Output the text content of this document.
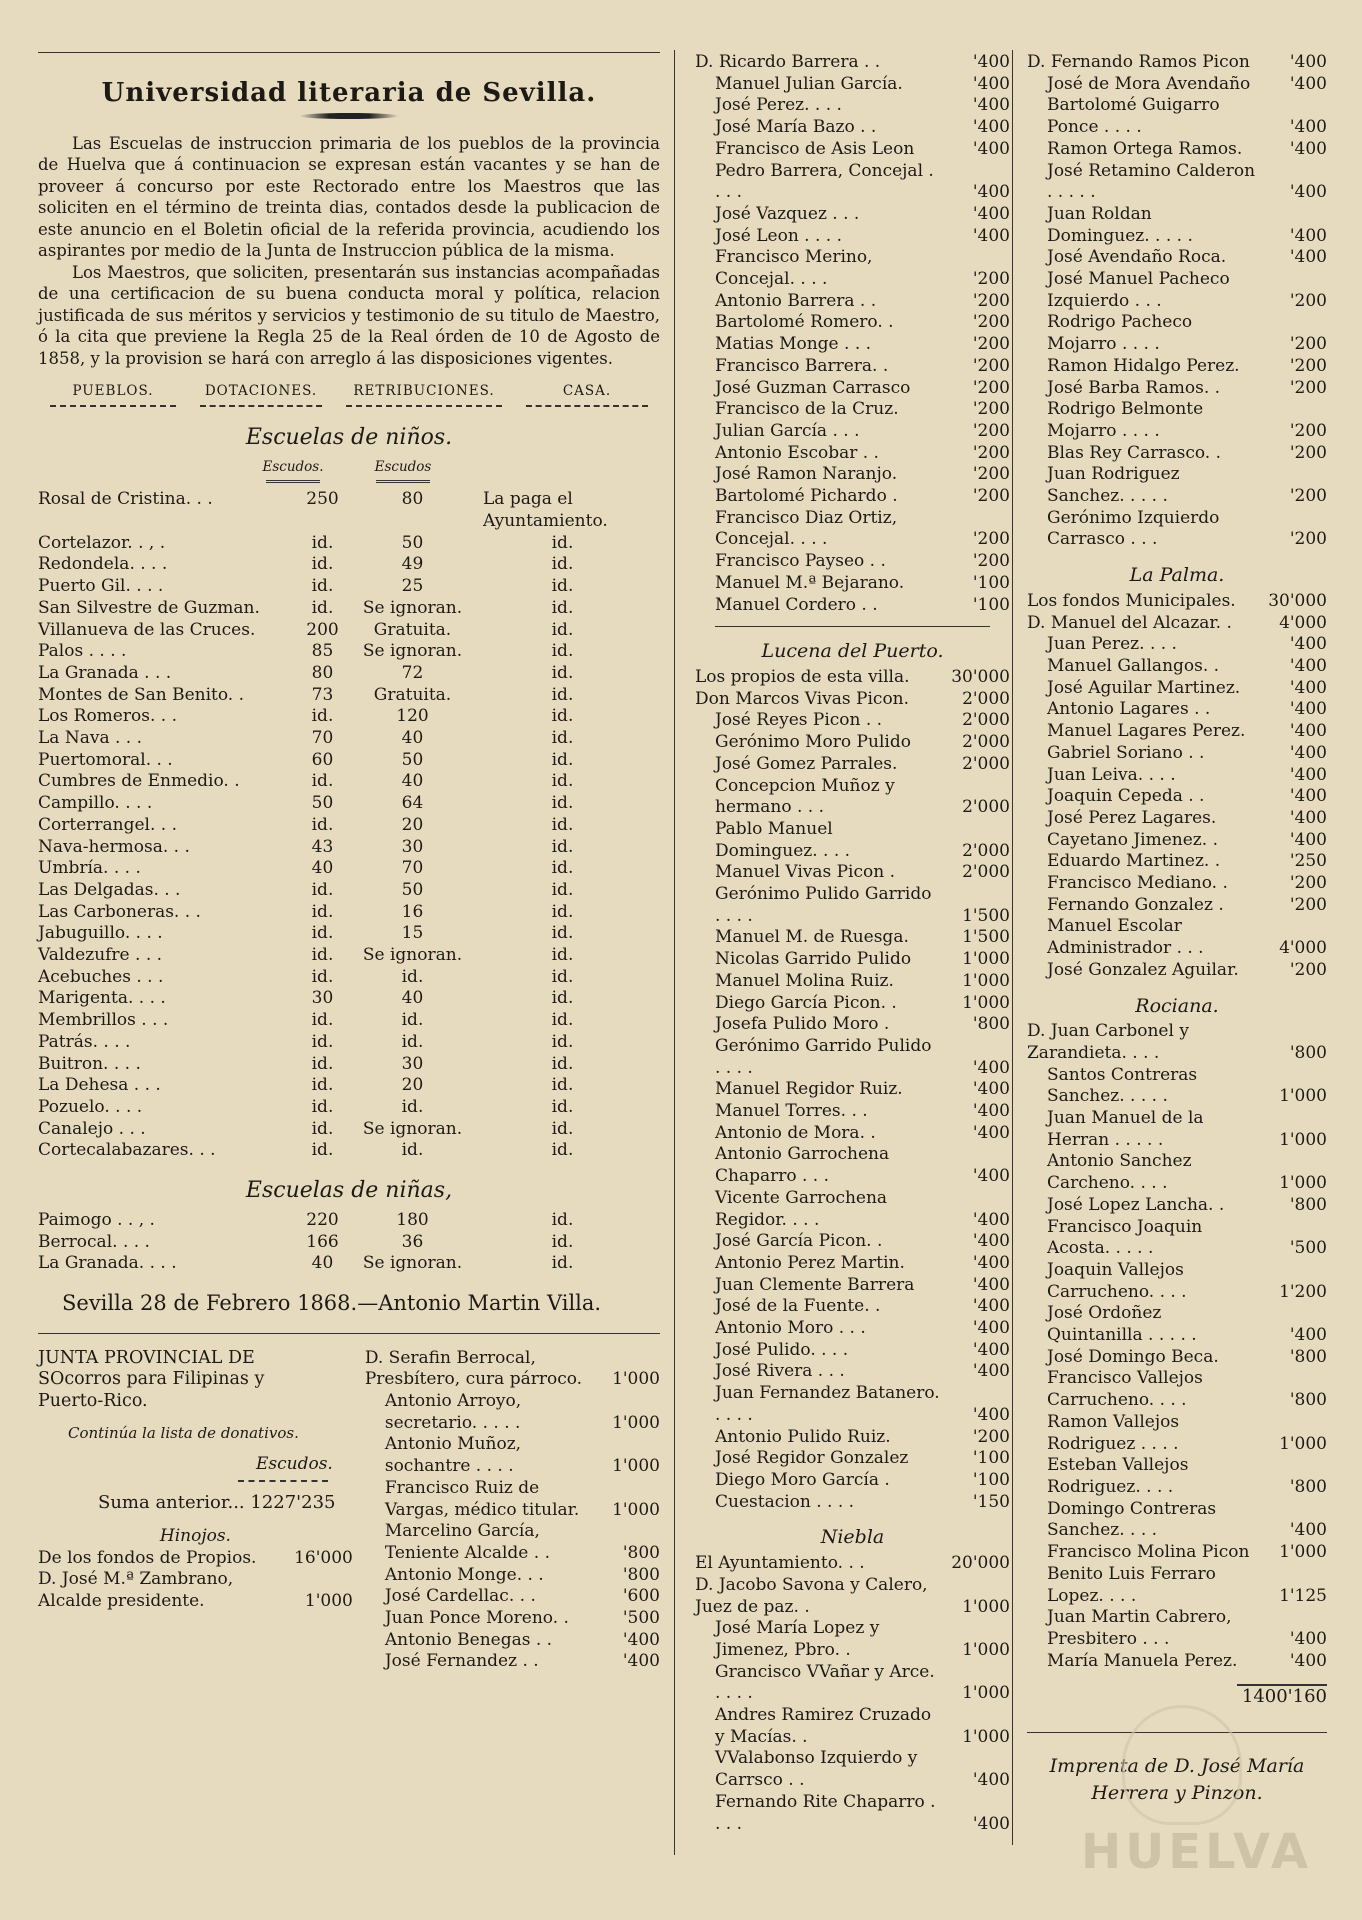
Universidad literaria de Sevilla.

Las Escuelas de instruccion primaria de los pueblos de la provincia de Huelva que á continuacion se expresan están vacantes y se han de proveer á concurso por este Rectorado entre los Maestros que las soliciten en el término de treinta dias, contados desde la publicacion de este anuncio en el Boletin oficial de la referida provincia, acudiendo los aspirantes por medio de la Junta de Instruccion pública de la misma.

Los Maestros, que soliciten, presentarán sus instancias acompañadas de una certificacion de su buena conducta moral y política, relacion justificada de sus méritos y servicios y testimonio de su titulo de Maestro, ó la cita que previene la Regla 25 de la Real órden de 10 de Agosto de 1858, y la provision se hará con arreglo á las disposiciones vigentes.

PUEBLOS.	DOTACIONES.	RETRIBUCIONES.	CASA.
Escuelas de niños.
Escudos.	Escudos
Rosal de Cristina. . .	250	80	La paga el Ayuntamiento.
Cortelazor. . , .	id.	50	id.
Redondela. . . .	id.	49	id.
Puerto Gil. . . .	id.	25	id.
San Silvestre de Guzman.	id.	Se ignoran.	id.
Villanueva de las Cruces.	200	Gratuita.	id.
Palos . . . .	85	Se ignoran.	id.
La Granada . . .	80	72	id.
Montes de San Benito. .	73	Gratuita.	id.
Los Romeros. . .	id.	120	id.
La Nava . . .	70	40	id.
Puertomoral. . .	60	50	id.
Cumbres de Enmedio. .	id.	40	id.
Campillo. . . .	50	64	id.
Corterrangel. . .	id.	20	id.
Nava-hermosa. . .	43	30	id.
Umbría. . . .	40	70	id.
Las Delgadas. . .	id.	50	id.
Las Carboneras. . .	id.	16	id.
Jabuguillo. . . .	id.	15	id.
Valdezufre . . .	id.	Se ignoran.	id.
Acebuches . . .	id.	id.	id.
Marigenta. . . .	30	40	id.
Membrillos . . .	id.	id.	id.
Patrás. . . .	id.	id.	id.
Buitron. . . .	id.	30	id.
La Dehesa . . .	id.	20	id.
Pozuelo. . . .	id.	id.	id.
Canalejo . . .	id.	Se ignoran.	id.
Cortecalabazares. . .	id.	id.	id.
Escuelas de niñas,
Paimogo . . , .	220	180	id.
Berrocal. . . .	166	36	id.
La Granada. . . .	40	Se ignoran.	id.
Sevilla 28 de Febrero 1868.—Antonio Martin Villa.
JUNTA PROVINCIAL DE SOcorros para Filipinas y Puerto-Rico.
Continúa la lista de donativos.
Escudos.
Suma anterior... 1227'235
Hinojos.
De los fondos de Propios.	16'000
D. José M.ª Zambrano, Alcalde presidente.	1'000
D. Serafin Berrocal, Presbítero, cura párroco.	1'000
Antonio Arroyo, secretario. . . . .	1'000
Antonio Muñoz, sochantre . . . .	1'000
Francisco Ruiz de Vargas, médico titular.	1'000
Marcelino García, Teniente Alcalde . .	'800
Antonio Monge. . .	'800
José Cardellac. . .	'600
Juan Ponce Moreno. .	'500
Antonio Benegas . .	'400
José Fernandez . .	'400
D. Ricardo Barrera . .	'400
Manuel Julian García.	'400
José Perez. . . .	'400
José María Bazo . .	'400
Francisco de Asis Leon	'400
Pedro Barrera, Concejal . . . .	'400
José Vazquez . . .	'400
José Leon . . . .	'400
Francisco Merino, Concejal. . . .	'200
Antonio Barrera . .	'200
Bartolomé Romero. .	'200
Matias Monge . . .	'200
Francisco Barrera. .	'200
José Guzman Carrasco	'200
Francisco de la Cruz.	'200
Julian García . . .	'200
Antonio Escobar . .	'200
José Ramon Naranjo.	'200
Bartolomé Pichardo .	'200
Francisco Diaz Ortiz, Concejal. . . .	'200
Francisco Payseo . .	'200
Manuel M.ª Bejarano.	'100
Manuel Cordero . .	'100
Lucena del Puerto.
Los propios de esta villa.	30'000
Don Marcos Vivas Picon.	2'000
José Reyes Picon . .	2'000
Gerónimo Moro Pulido	2'000
José Gomez Parrales.	2'000
Concepcion Muñoz y hermano . . .	2'000
Pablo Manuel Dominguez. . . .	2'000
Manuel Vivas Picon .	2'000
Gerónimo Pulido Garrido . . . .	1'500
Manuel M. de Ruesga.	1'500
Nicolas Garrido Pulido	1'000
Manuel Molina Ruiz.	1'000
Diego García Picon. .	1'000
Josefa Pulido Moro .	'800
Gerónimo Garrido Pulido . . . .	'400
Manuel Regidor Ruiz.	'400
Manuel Torres. . .	'400
Antonio de Mora. .	'400
Antonio Garrochena Chaparro . . .	'400
Vicente Garrochena Regidor. . . .	'400
José García Picon. .	'400
Antonio Perez Martin.	'400
Juan Clemente Barrera	'400
José de la Fuente. .	'400
Antonio Moro . . .	'400
José Pulido. . . .	'400
José Rivera . . .	'400
Juan Fernandez Batanero. . . . .	'400
Antonio Pulido Ruiz.	'200
José Regidor Gonzalez	'100
Diego Moro García .	'100
Cuestacion . . . .	'150
Niebla
El Ayuntamiento. . .	20'000
D. Jacobo Savona y Calero, Juez de paz. .	1'000
José María Lopez y Jimenez, Pbro. .	1'000
Grancisco VVañar y Arce. . . . .	1'000
Andres Ramirez Cruzado y Macías. .	1'000
VValabonso Izquierdo y Carrsco . .	'400
Fernando Rite Chaparro . . . .	'400
D. Fernando Ramos Picon	'400
José de Mora Avendaño	'400
Bartolomé Guigarro Ponce . . . .	'400
Ramon Ortega Ramos.	'400
José Retamino Calderon . . . . .	'400
Juan Roldan Dominguez. . . . .	'400
José Avendaño Roca.	'400
José Manuel Pacheco Izquierdo . . .	'200
Rodrigo Pacheco Mojarro . . . .	'200
Ramon Hidalgo Perez.	'200
José Barba Ramos. .	'200
Rodrigo Belmonte Mojarro . . . .	'200
Blas Rey Carrasco. .	'200
Juan Rodriguez Sanchez. . . . .	'200
Gerónimo Izquierdo Carrasco . . .	'200
La Palma.
Los fondos Municipales.	30'000
D. Manuel del Alcazar. .	4'000
Juan Perez. . . .	'400
Manuel Gallangos. .	'400
José Aguilar Martinez.	'400
Antonio Lagares . .	'400
Manuel Lagares Perez.	'400
Gabriel Soriano . .	'400
Juan Leiva. . . .	'400
Joaquin Cepeda . .	'400
José Perez Lagares.	'400
Cayetano Jimenez. .	'400
Eduardo Martinez. .	'250
Francisco Mediano. .	'200
Fernando Gonzalez .	'200
Manuel Escolar Administrador . . .	4'000
José Gonzalez Aguilar.	'200
Rociana.
D. Juan Carbonel y Zarandieta. . . .	'800
Santos Contreras Sanchez. . . . .	1'000
Juan Manuel de la Herran . . . . .	1'000
Antonio Sanchez Carcheno. . . .	1'000
José Lopez Lancha. .	'800
Francisco Joaquin Acosta. . . . .	'500
Joaquin Vallejos Carrucheno. . . .	1'200
José Ordoñez Quintanilla . . . . .	'400
José Domingo Beca.	'800
Francisco Vallejos Carrucheno. . . .	'800
Ramon Vallejos Rodriguez . . . .	1'000
Esteban Vallejos Rodriguez. . . .	'800
Domingo Contreras Sanchez. . . .	'400
Francisco Molina Picon	1'000
Benito Luis Ferraro Lopez. . . .	1'125
Juan Martin Cabrero, Presbitero . . .	'400
María Manuela Perez.	'400
1400'160
Imprenta de D. José María Herrera y Pinzon.
HUELVA
